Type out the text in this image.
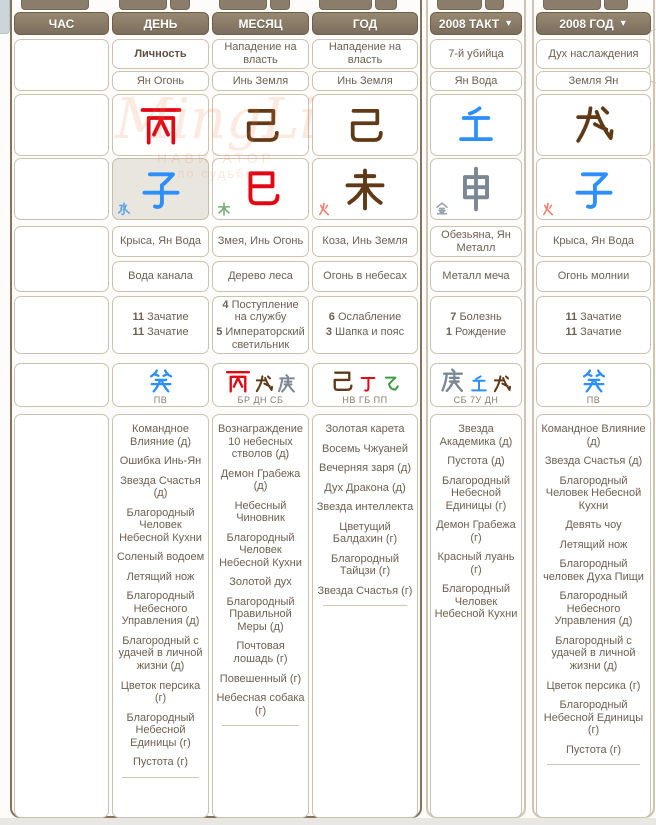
ЧАС	ДЕНЬ
Личность
Ян Огонь
Крыса, Ян Вода
Вода канала
11 Зачатие
11 Зачатие
ПВ
Командное Влияние (д)
Ошибка Инь-Ян
Звезда Счастья (д)
Благородный Человек Небесной Кухни
Соленый водоем
Летящий нож
Благородный Небесного Управления (д)
Благородный с удачей в личной жизни (д)
Цветок персика (г)
Благородный Небесной Единицы (г)
Пустота (г)
МЕСЯЦ
Нападение на власть
Инь Земля
Змея, Инь Огонь
Дерево леса
4 Поступление на службу
5 Императорский светильник
БР ДН СБ
Вознаграждение 10 небесных стволов (д)
Демон Грабежа (д)
Небесный Чиновник
Благородный Человек Небесной Кухни
Золотой дух
Благородный Правильной Меры (д)
Почтовая лошадь (г)
Повешенный (г)
Небесная собака (г)
ГОД
Нападение на власть
Инь Земля
Коза, Инь Земля
Огонь в небесах
6 Ослабление
3 Шапка и пояс
НВ ГБ ПП
Золотая карета
Восемь Чжуаней
Вечерняя заря (д)
Дух Дракона (д)
Звезда интеллекта
Цветущий Балдахин (г)
Благородный Тайцзи (г)
Звезда Счастья (г)
2008 ТАКТ ▼
7-й убийца
Ян Вода
Обезьяна, Ян Металл
Металл меча
7 Болезнь
1 Рождение
СБ 7У ДН
Звезда Академика (д)
Пустота (д)
Благородный Небесной Единицы (г)
Демон Грабежа (г)
Красный луань (г)
Благородный Человек Небесной Кухни
2008 ГОД ▼
Дух наслаждения
Земля Ян
Крыса, Ян Вода
Огонь молнии
11 Зачатие
11 Зачатие
ПВ
Командное Влияние (д)
Звезда Счастья (д)
Благородный Человек Небесной Кухни
Девять чоу
Летящий нож
Благородный человек Духа Пищи
Благородный Небесного Управления (д)
Благородный с удачей в личной жизни (д)
Цветок персика (г)
Благородный Небесной Единицы (г)
Пустота (г)
НАВИГАТОР
по судьбе
